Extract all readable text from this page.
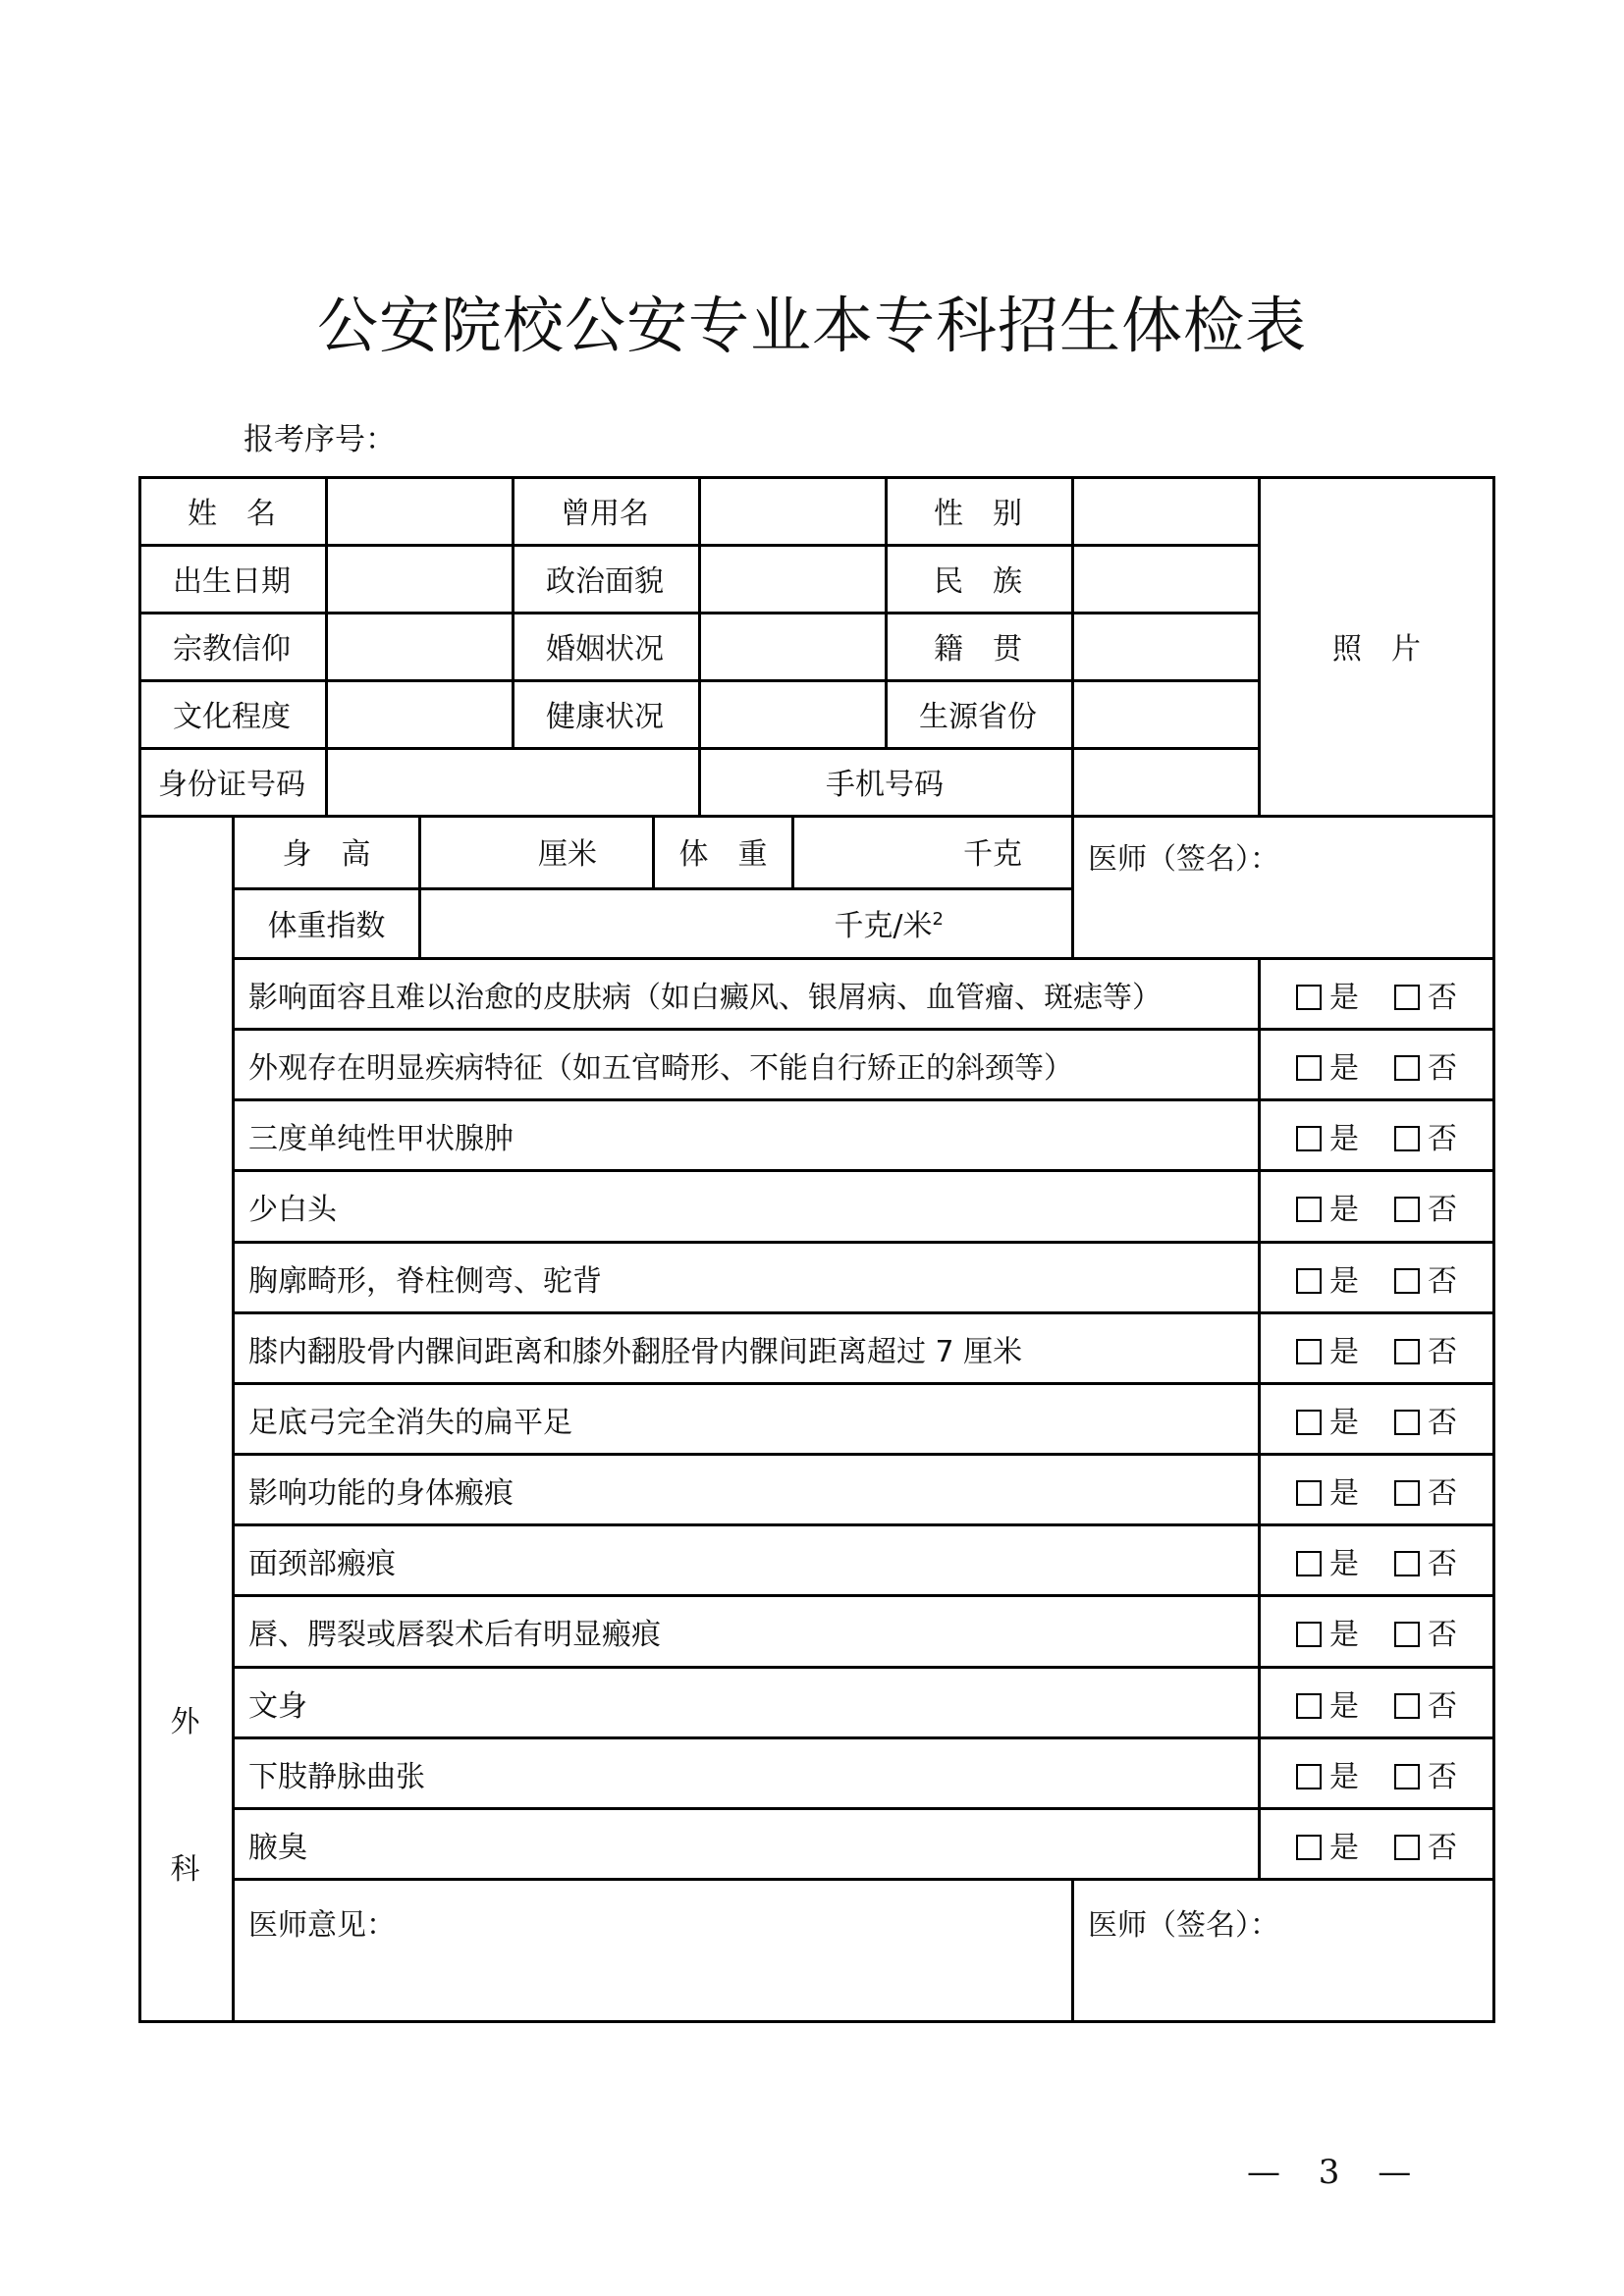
公安院校公安专业本专科招生体检表
报考序号：
姓　名	曾用名	性　别
出生日期	政治面貌	民　族
宗教信仰	婚姻状况	籍　贯
文化程度	健康状况	生源省份
身份证号码	手机号码
照　片
外
科
身　高	厘米	体　重	千克
体重指数	千克/米$^2$
医师（签名）：
影响面容且难以治愈的皮肤病（如白癜风、银屑病、血管瘤、斑痣等）	是	否
外观存在明显疾病特征（如五官畸形、不能自行矫正的斜颈等）	是	否
三度单纯性甲状腺肿	是	否
少白头	是	否
胸廓畸形，脊柱侧弯、驼背	是	否
膝内翻股骨内髁间距离和膝外翻胫骨内髁间距离超过 7 厘米	是	否
足底弓完全消失的扁平足	是	否
影响功能的身体瘢痕	是	否
面颈部瘢痕	是	否
唇、腭裂或唇裂术后有明显瘢痕	是	否
文身	是	否
下肢静脉曲张	是	否
腋臭	是	否
医师意见：	医师（签名）：
— 3 —
